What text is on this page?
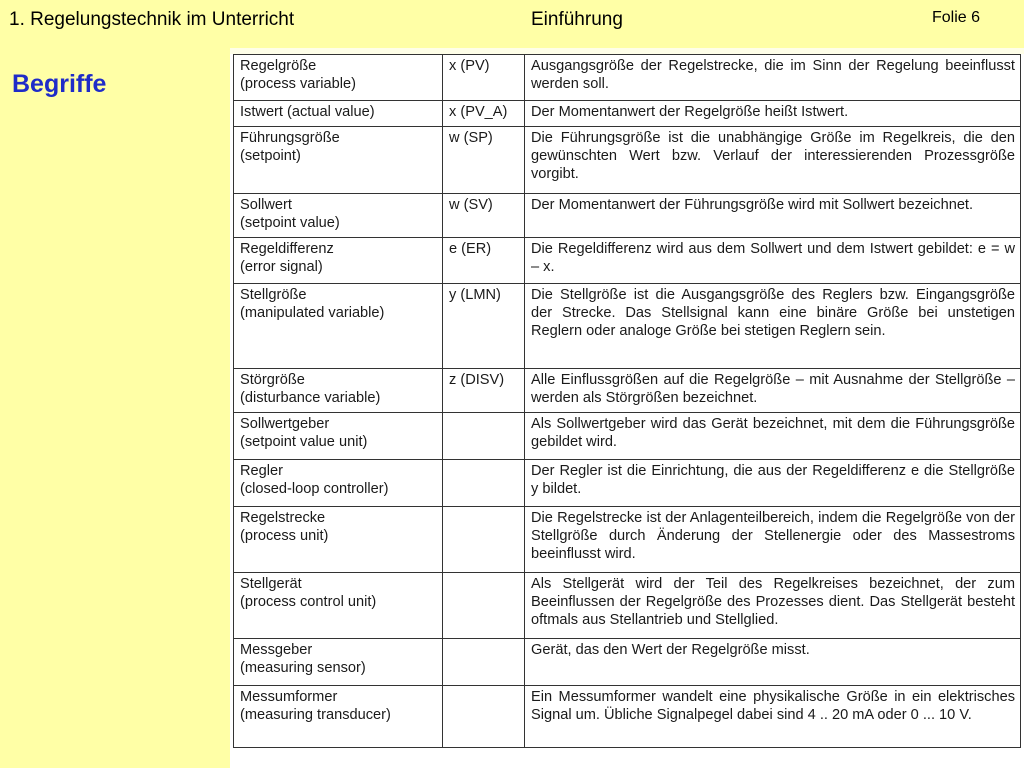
1. Regelungstechnik im Unterricht	Einführung	Folie 6
Begriffe
Regelgröße
(process variable)	x (PV)	Ausgangsgröße der Regelstrecke, die im Sinn der Regelung beeinflusst werden soll.

Istwert (actual value)	x (PV_A)	Der Momentanwert der Regelgröße heißt Istwert.

Führungsgröße
(setpoint)	w (SP)	Die Führungsgröße ist die unabhängige Größe im Regelkreis, die den gewünschten Wert bzw. Verlauf der interessierenden Prozessgröße vorgibt.

Sollwert
(setpoint value)	w (SV)	Der Momentanwert der Führungsgröße wird mit Sollwert bezeichnet.

Regeldifferenz
(error signal)	e (ER)	Die Regeldifferenz wird aus dem Sollwert und dem Istwert gebildet: e = w – x.

Stellgröße
(manipulated variable)	y (LMN)	Die Stellgröße ist die Ausgangsgröße des Reglers bzw. Eingangsgröße der Strecke. Das Stellsignal kann eine binäre Größe bei unstetigen Reglern oder analoge Größe bei stetigen Reglern sein.

Störgröße
(disturbance variable)	z (DISV)	Alle Einflussgrößen auf die Regelgröße – mit Ausnahme der Stellgröße – werden als Störgrößen bezeichnet.

Sollwertgeber
(setpoint value unit)		Als Sollwertgeber wird das Gerät bezeichnet, mit dem die Führungsgröße gebildet wird.

Regler
(closed-loop controller)		Der Regler ist die Einrichtung, die aus der Regeldifferenz e die Stellgröße y bildet.

Regelstrecke
(process unit)		Die Regelstrecke ist der Anlagenteilbereich, indem die Regelgröße von der Stellgröße durch Änderung der Stellenergie oder des Massestroms beeinflusst wird.

Stellgerät
(process control unit)		Als Stellgerät wird der Teil des Regelkreises bezeichnet, der zum Beeinflussen der Regelgröße des Prozesses dient. Das Stellgerät besteht oftmals aus Stellantrieb und Stellglied.

Messgeber
(measuring sensor)		Gerät, das den Wert der Regelgröße misst.

Messumformer
(measuring transducer)		Ein Messumformer wandelt eine physikalische Größe in ein elektrisches Signal um. Übliche Signalpegel dabei sind 4 .. 20 mA oder 0 ... 10 V.
